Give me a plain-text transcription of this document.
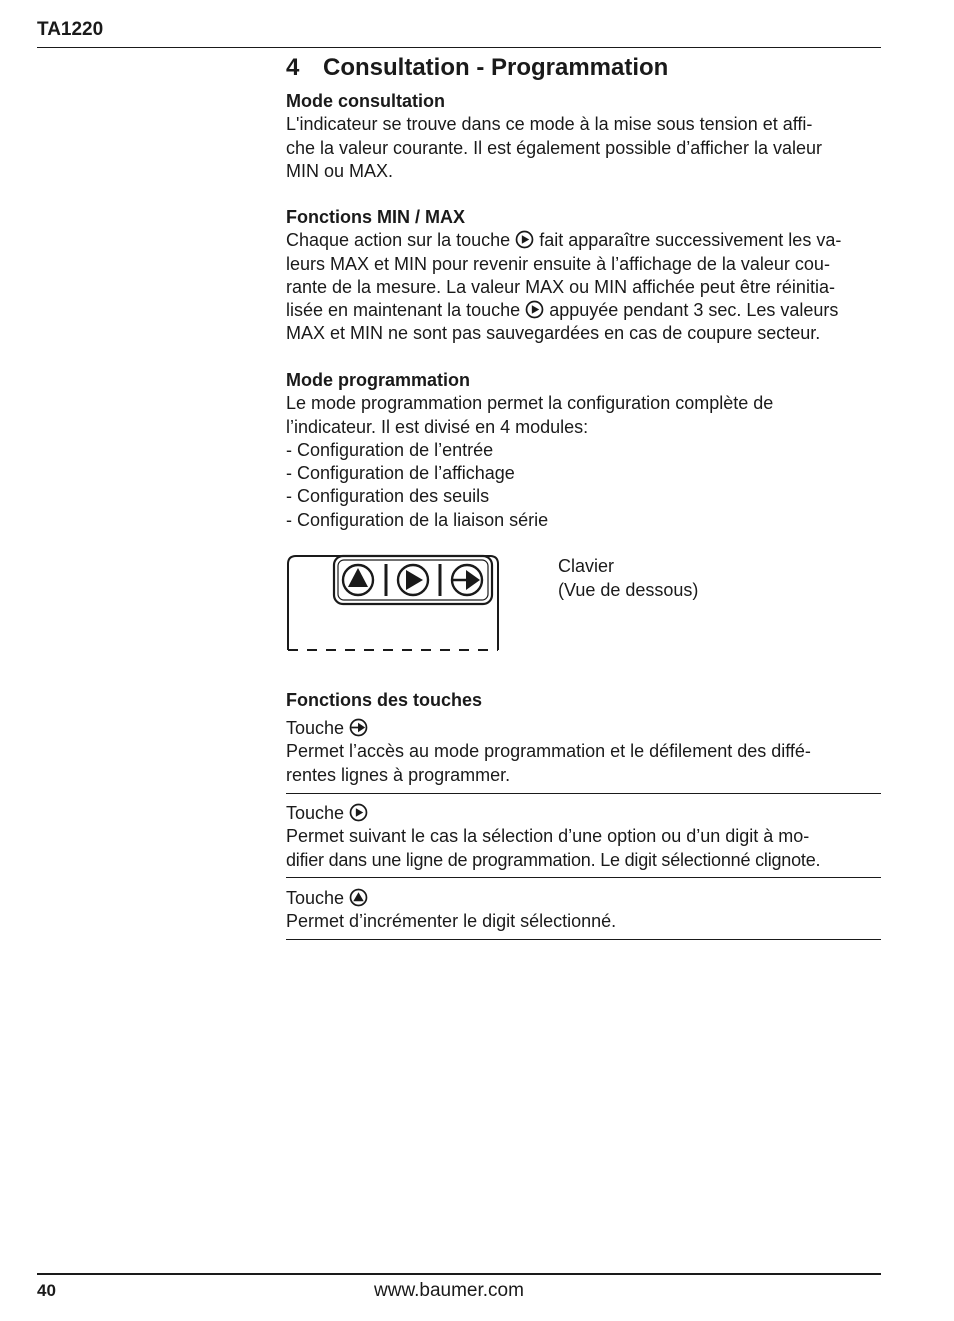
TA1220
4 Consultation - Programmation

Mode consultation

L'indicateur se trouve dans ce mode à la mise sous tension et affi-

che la valeur courante. Il est également possible d’afficher la valeur

MIN ou MAX.

Fonctions MIN / MAX

Chaque action sur la touche fait apparaître successivement les va-

leurs MAX et MIN pour revenir ensuite à l’affichage de la valeur cou-

rante de la mesure. La valeur MAX ou MIN affichée peut être réinitia-

lisée en maintenant la touche appuyée pendant 3 sec. Les valeurs

MAX et MIN ne sont pas sauvegardées en cas de coupure secteur.

Mode programmation

Le mode programmation permet la configuration complète de

l’indicateur. Il est divisé en 4 modules:

- Configuration de l’entrée
- Configuration de l’affichage
- Configuration des seuils
- Configuration de la liaison série
Clavier
(Vue de dessous)

Fonctions des touches

Touche

Permet l’accès au mode programmation et le défilement des diffé-

rentes lignes à programmer.

Touche

Permet suivant le cas la sélection d’une option ou d’un digit à mo-

difier dans une ligne de programmation. Le digit sélectionné clignote.

Touche

Permet d’incrémenter le digit sélectionné.

40	www.baumer.com
